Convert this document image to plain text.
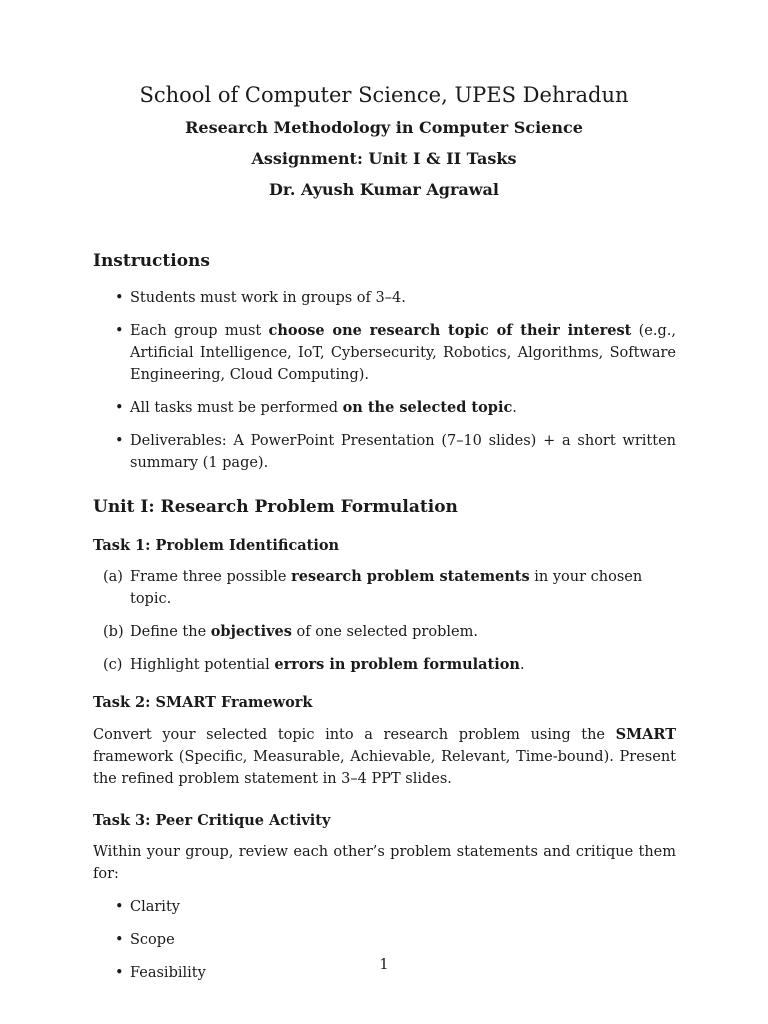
School of Computer Science, UPES Dehradun
Research Methodology in Computer Science
Assignment: Unit I & II Tasks
Dr. Ayush Kumar Agrawal
Instructions
• Students must work in groups of 3–4.
• Each group must choose one research topic of their interest (e.g., Artificial Intelligence, IoT, Cybersecurity, Robotics, Algorithms, Software Engineering, Cloud Computing).
• All tasks must be performed on the selected topic.
• Deliverables: A PowerPoint Presentation (7–10 slides) + a short written summary (1 page).
Unit I: Research Problem Formulation
Task 1: Problem Identification
(a) Frame three possible research problem statements in your chosen topic.
(b) Define the objectives of one selected problem.
(c) Highlight potential errors in problem formulation.
Task 2: SMART Framework

Convert your selected topic into a research problem using the SMART framework (Specific, Measurable, Achievable, Relevant, Time-bound). Present the refined problem statement in 3–4 PPT slides.

Task 3: Peer Critique Activity

Within your group, review each other’s problem statements and critique them for:

• Clarity
• Scope
• Feasibility	1
